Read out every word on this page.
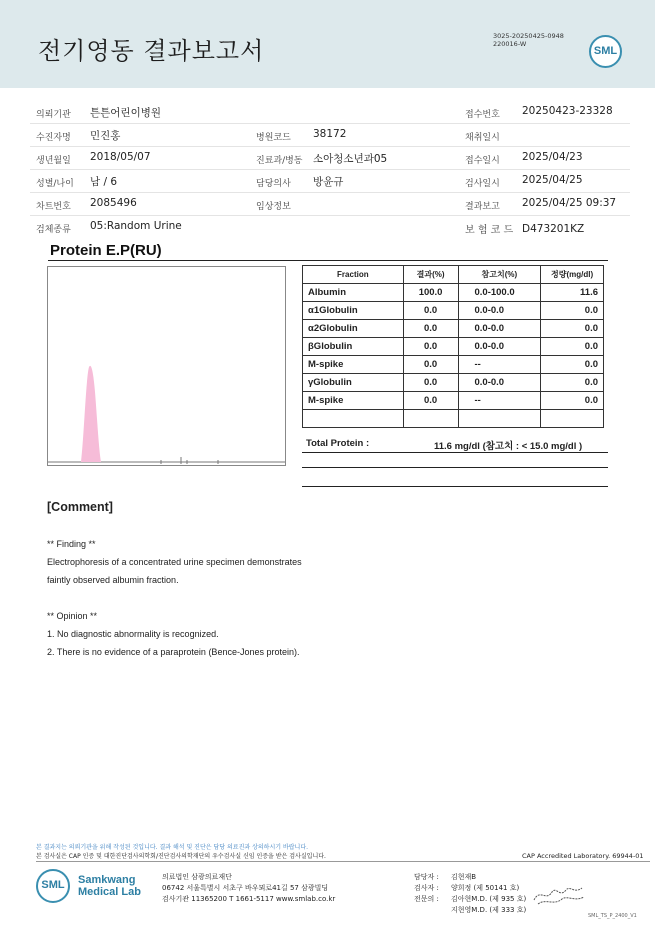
전기영동 결과보고서
3025-20250425-0948
220016-W
SML
의뢰기관 튼튼어린이병원	접수번호 20250423-23328
수진자명 민진홍	병원코드 38172	채취일시
생년월일 2018/05/07	진료과/병동 소아청소년과05	접수일시 2025/04/23
성별/나이 남 / 6	담당의사 방윤규	검사일시 2025/04/25
차트번호 2085496	임상정보	결과보고 2025/04/25 09:37
검체종류 05:Random Urine	보 험 코 드 D473201KZ
Protein E.P(RU)
Fraction	결과(%)	참고치(%)	정량(mg/dl)
Albumin	100.0	0.0-100.0	11.6
α1Globulin	0.0	0.0-0.0	0.0
α2Globulin	0.0	0.0-0.0	0.0
βGlobulin	0.0	0.0-0.0	0.0
M-spike	0.0	--	0.0
γGlobulin	0.0	0.0-0.0	0.0
M-spike	0.0	--	0.0

Total Protein :	11.6 mg/dl (참고치 : < 15.0 mg/dl )
[Comment]
** Finding **
Electrophoresis of a concentrated urine specimen demonstrates
faintly observed albumin fraction.
** Opinion **
1. No diagnostic abnormality is recognized.
2. There is no evidence of a paraprotein (Bence-Jones protein).
본 결과지는 의뢰기관을 위해 작성된 것입니다. 결과 해석 및 진단은 담당 의료진과 상의하시기 바랍니다.
본 검사실은 CAP 인증 및 대한진단검사의학회/진단검사의학재단의 우수검사실 신임 인증을 받은 검사실입니다.	CAP Accredited Laboratory. 69944-01
SML	Samkwang
Medical Lab
의료법인 삼광의료재단
06742 서울특별시 서초구 바우뫼로41길 57 삼광빌딩
검사기관 11365200 T 1661-5117 www.smlab.co.kr
담당자 : 김현재B
검사자 : 양희정 (제 50141 호)
전문의 : 김아현M.D. (제 935 호)
지현영M.D. (제 333 호)
SML_TS_P_2400_V1
